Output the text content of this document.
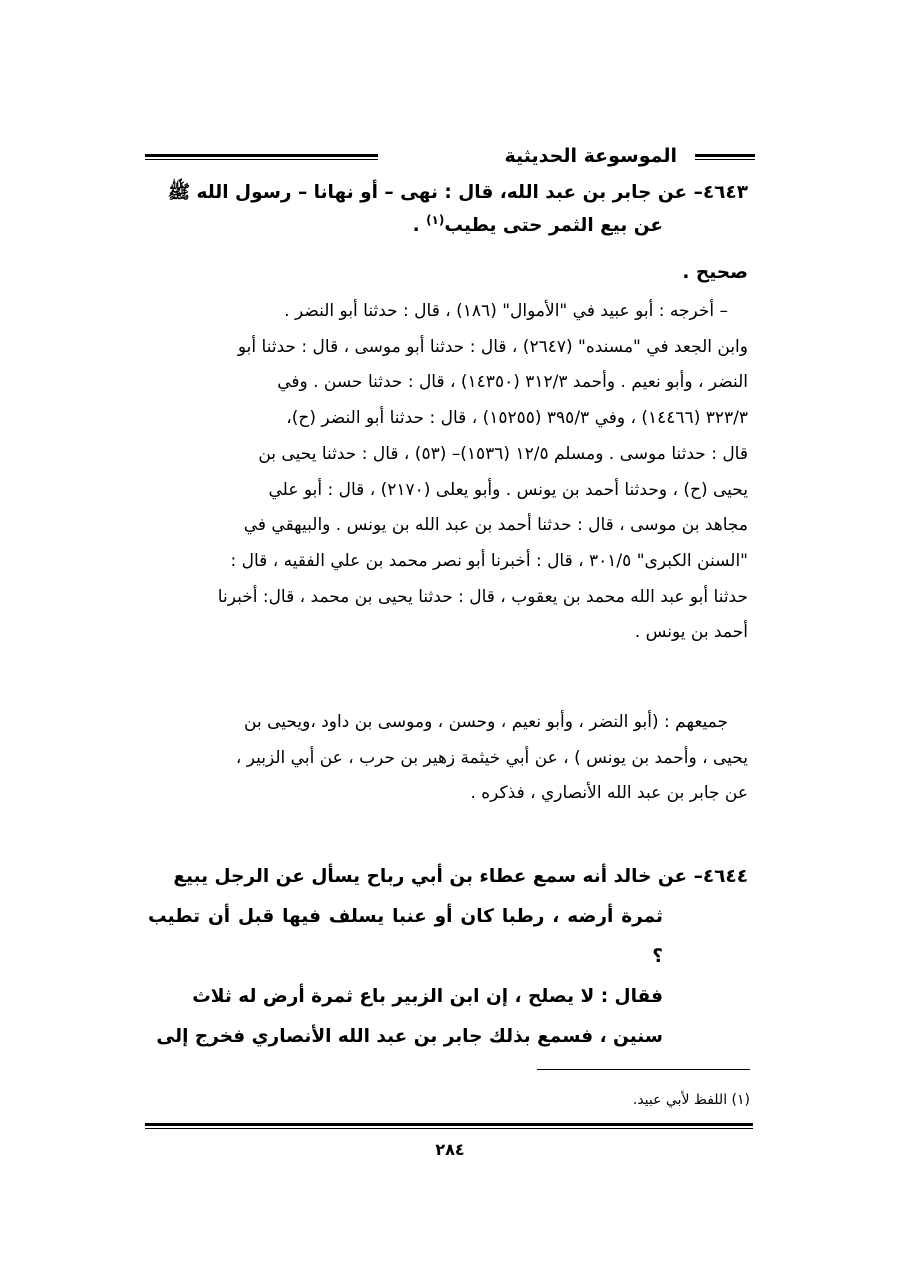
الموسوعة الحديثية
٤٦٤٣– عن جابر بن عبد الله، قال : نهى – أو نهانا – رسول الله ﷺ
عن بيع الثمر حتى يطيب$^{(١)}$ .
صحيح .
– أخرجه : أبو عبيد في "الأموال" (١٨٦) ، قال : حدثنا أبو النضر .
وابن الجعد في "مسنده" (٢٦٤٧) ، قال : حدثنا أبو موسى ، قال : حدثنا أبو
النضر ، وأبو نعيم . وأحمد ٣١٢/٣ (١٤٣٥٠) ، قال : حدثنا حسن . وفي
٣٢٣/٣ (١٤٤٦٦) ، وفي ٣٩٥/٣ (١٥٢٥٥) ، قال : حدثنا أبو النضر (ح)،
قال : حدثنا موسى . ومسلم ١٢/٥ (١٥٣٦)– (٥٣) ، قال : حدثنا يحيى بن
يحيى (ح) ، وحدثنا أحمد بن يونس . وأبو يعلى (٢١٧٠) ، قال : أبو علي
مجاهد بن موسى ، قال : حدثنا أحمد بن عبد الله بن يونس . والبيهقي في
"السنن الكبرى" ٣٠١/٥ ، قال : أخبرنا أبو نصر محمد بن علي الفقيه ، قال :
حدثنا أبو عبد الله محمد بن يعقوب ، قال : حدثنا يحيى بن محمد ، قال: أخبرنا
أحمد بن يونس .
جميعهم : (أبو النضر ، وأبو نعيم ، وحسن ، وموسى بن داود ،ويحيى بن
يحيى ، وأحمد بن يونس ) ، عن أبي خيثمة زهير بن حرب ، عن أبي الزبير ،
عن جابر بن عبد الله الأنصاري ، فذكره .
٤٦٤٤– عن خالد أنه سمع عطاء بن أبي رباح يسأل عن الرجل يبيع
ثمرة أرضه ، رطبا كان أو عنبا يسلف فيها قبل أن تطيب ؟
فقال : لا يصلح ، إن ابن الزبير باع ثمرة أرض له ثلاث
سنين ، فسمع بذلك جابر بن عبد الله الأنصاري فخرج إلى
(١) اللفظ لأبي عبيد.
٢٨٤
